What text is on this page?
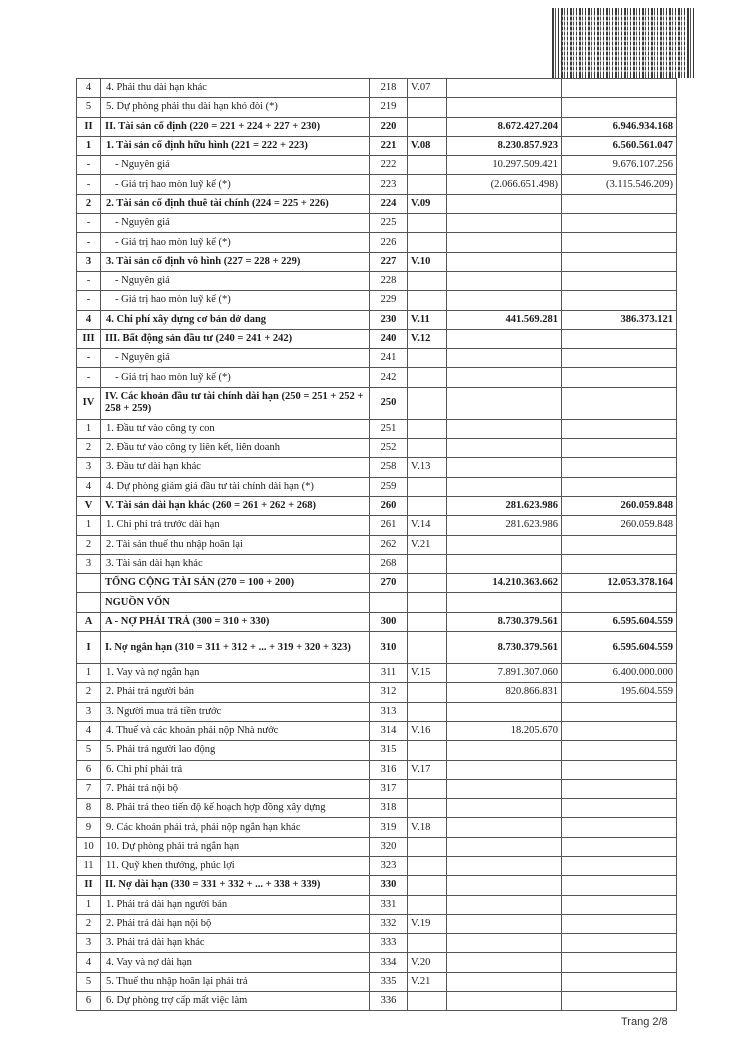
4	4. Phải thu dài hạn khác	218	V.07		
5	5. Dự phòng phải thu dài hạn khó đòi (*)	219			
II	II. Tài sản cố định (220 = 221 + 224 + 227 + 230)	220		8.672.427.204	6.946.934.168
1	1. Tài sản cố định hữu hình (221 = 222 + 223)	221	V.08	8.230.857.923	6.560.561.047
-	- Nguyên giá	222		10.297.509.421	9.676.107.256
-	- Giá trị hao mòn luỹ kế (*)	223		(2.066.651.498)	(3.115.546.209)
2	2. Tài sản cố định thuê tài chính (224 = 225 + 226)	224	V.09		
-	- Nguyên giá	225			
-	- Giá trị hao mòn luỹ kế (*)	226			
3	3. Tài sản cố định vô hình (227 = 228 + 229)	227	V.10		
-	- Nguyên giá	228			
-	- Giá trị hao mòn luỹ kế (*)	229			
4	4. Chi phí xây dựng cơ bản dở dang	230	V.11	441.569.281	386.373.121
III	III. Bất động sản đầu tư (240 = 241 + 242)	240	V.12		
-	- Nguyên giá	241			
-	- Giá trị hao mòn luỹ kế (*)	242			
IV	IV. Các khoản đầu tư tài chính dài hạn (250 = 251 + 252 + 258 + 259)	250			
1	1. Đầu tư vào công ty con	251			
2	2. Đầu tư vào công ty liên kết, liên doanh	252			
3	3. Đầu tư dài hạn khác	258	V.13		
4	4. Dự phòng giảm giá đầu tư tài chính dài hạn (*)	259			
V	V. Tài sản dài hạn khác (260 = 261 + 262 + 268)	260		281.623.986	260.059.848
1	1. Chi phí trả trước dài hạn	261	V.14	281.623.986	260.059.848
2	2. Tài sản thuế thu nhập hoãn lại	262	V.21		
3	3. Tài sản dài hạn khác	268			
	TỔNG CỘNG TÀI SẢN (270 = 100 + 200)	270		14.210.363.662	12.053.378.164
	NGUỒN VỐN				
A	A - NỢ PHẢI TRẢ (300 = 310 + 330)	300		8.730.379.561	6.595.604.559
I	I. Nợ ngắn hạn (310 = 311 + 312 + ... + 319 + 320 + 323)	310		8.730.379.561	6.595.604.559
1	1. Vay và nợ ngắn hạn	311	V.15	7.891.307.060	6.400.000.000
2	2. Phải trả người bán	312		820.866.831	195.604.559
3	3. Người mua trả tiền trước	313			
4	4. Thuế và các khoản phải nộp Nhà nước	314	V.16	18.205.670	
5	5. Phải trả người lao động	315			
6	6. Chi phí phải trả	316	V.17		
7	7. Phải trả nội bộ	317			
8	8. Phải trả theo tiến độ kế hoạch hợp đồng xây dựng	318			
9	9. Các khoản phải trả, phải nộp ngắn hạn khác	319	V.18		
10	10. Dự phòng phải trả ngắn hạn	320			
11	11. Quỹ khen thưởng, phúc lợi	323			
II	II. Nợ dài hạn (330 = 331 + 332 + ... + 338 + 339)	330			
1	1. Phải trả dài hạn người bán	331			
2	2. Phải trả dài hạn nội bộ	332	V.19		
3	3. Phải trả dài hạn khác	333			
4	4. Vay và nợ dài hạn	334	V.20		
5	5. Thuế thu nhập hoãn lại phải trả	335	V.21		
6	6. Dự phòng trợ cấp mất việc làm	336			
Trang 2/8
